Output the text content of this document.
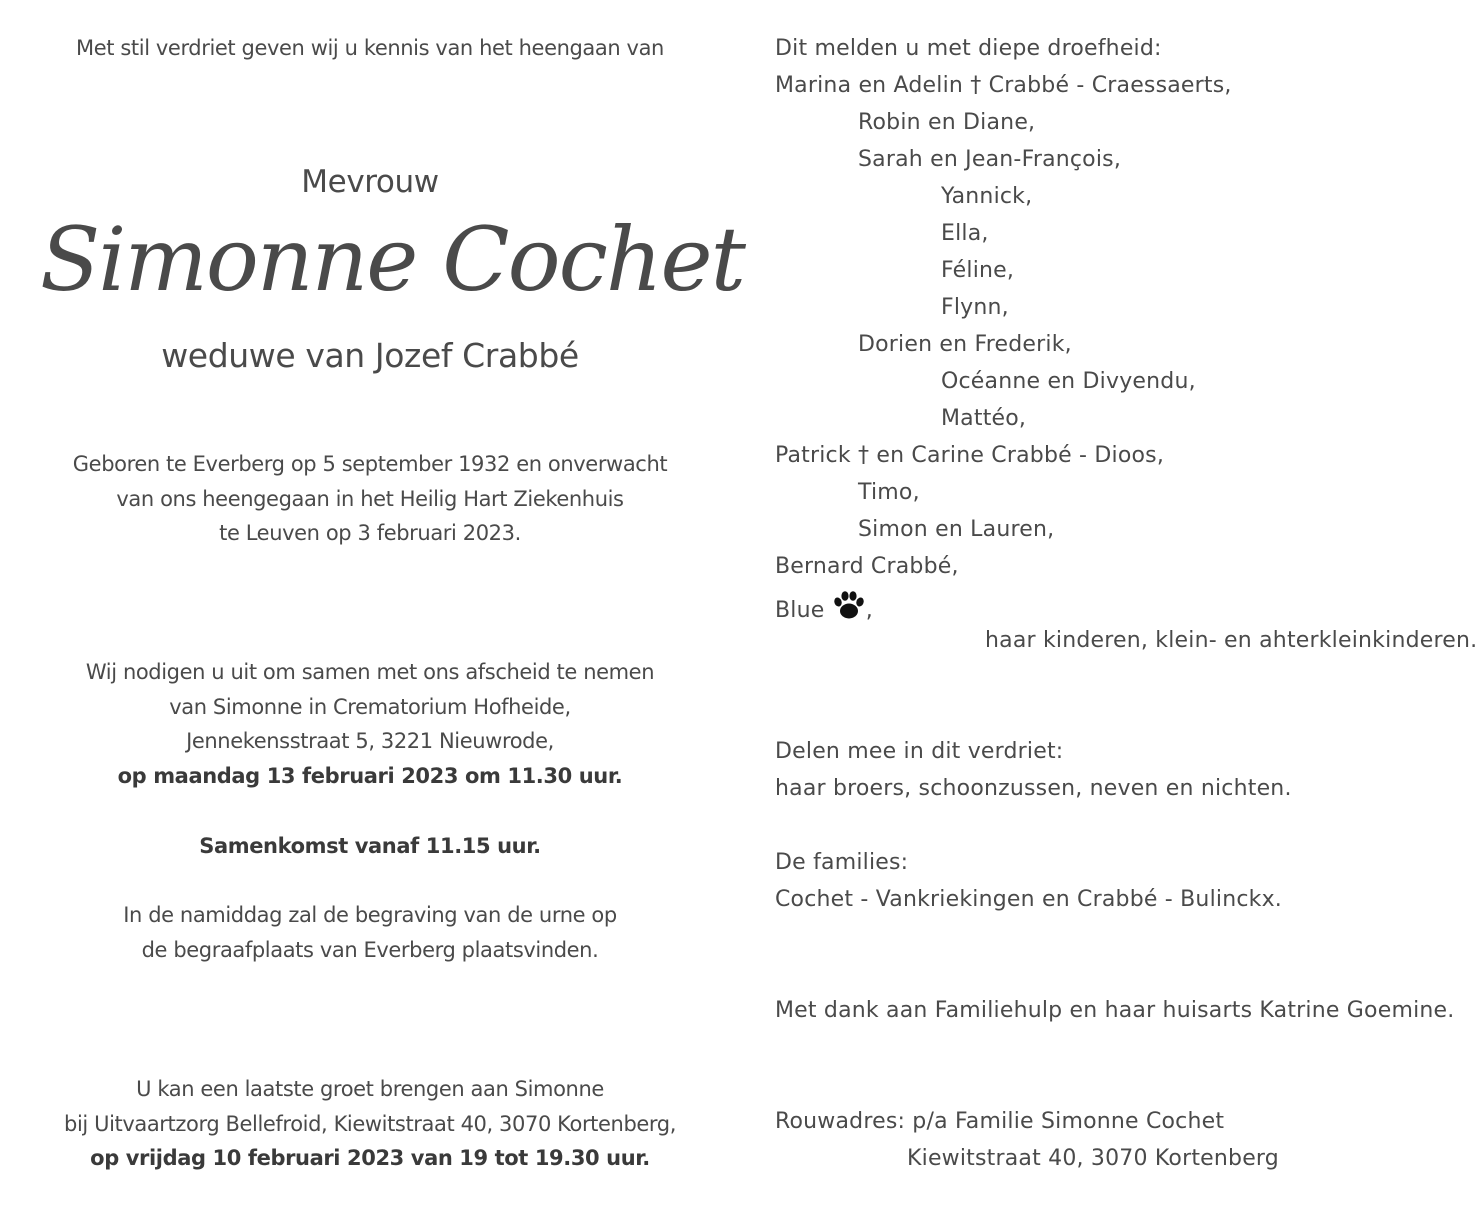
Met stil verdriet geven wij u kennis van het heengaan van
Mevrouw
Simonne Cochet
weduwe van Jozef Crabbé
Geboren te Everberg op 5 september 1932 en onverwacht
van ons heengegaan in het Heilig Hart Ziekenhuis
te Leuven op 3 februari 2023.
Wij nodigen u uit om samen met ons afscheid te nemen
van Simonne in Crematorium Hofheide,
Jennekensstraat 5, 3221 Nieuwrode,
op maandag 13 februari 2023 om 11.30 uur.
Samenkomst vanaf 11.15 uur.
In de namiddag zal de begraving van de urne op
de begraafplaats van Everberg plaatsvinden.
U kan een laatste groet brengen aan Simonne
bij Uitvaartzorg Bellefroid, Kiewitstraat 40, 3070 Kortenberg,
op vrijdag 10 februari 2023 van 19 tot 19.30 uur.
Dit melden u met diepe droefheid:
Marina en Adelin † Crabbé - Craessaerts,
Robin en Diane,
Sarah en Jean-François,
Yannick,
Ella,
Féline,
Flynn,
Dorien en Frederik,
Océanne en Divyendu,
Mattéo,
Patrick † en Carine Crabbé - Dioos,
Timo,
Simon en Lauren,
Bernard Crabbé,
Blue ,
haar kinderen, klein- en ahterkleinkinderen.
Delen mee in dit verdriet:
haar broers, schoonzussen, neven en nichten.
De families:
Cochet - Vankriekingen en Crabbé - Bulinckx.
Met dank aan Familiehulp en haar huisarts Katrine Goemine.
Rouwadres: p/a Familie Simonne Cochet
Kiewitstraat 40, 3070 Kortenberg
